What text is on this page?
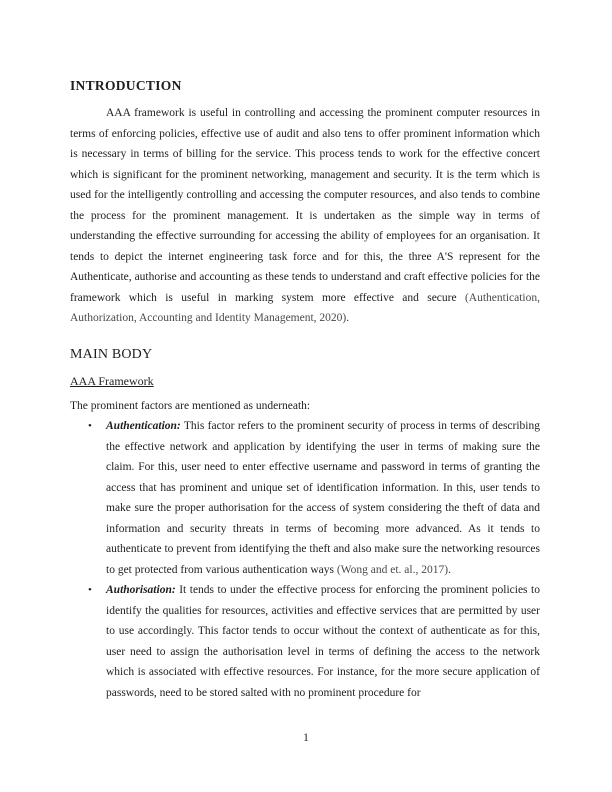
INTRODUCTION

AAA framework is useful in controlling and accessing the prominent computer resources in terms of enforcing policies, effective use of audit and also tens to offer prominent information which is necessary in terms of billing for the service. This process tends to work for the effective concert which is significant for the prominent networking, management and security. It is the term which is used for the intelligently controlling and accessing the computer resources, and also tends to combine the process for the prominent management. It is undertaken as the simple way in terms of understanding the effective surrounding for accessing the ability of employees for an organisation. It tends to depict the internet engineering task force and for this, the three A'S represent for the Authenticate, authorise and accounting as these tends to understand and craft effective policies for the framework which is useful in marking system more effective and secure (Authentication, Authorization, Accounting and Identity Management, 2020).

MAIN BODY
AAA Framework

The prominent factors are mentioned as underneath:

• Authentication: This factor refers to the prominent security of process in terms of describing the effective network and application by identifying the user in terms of making sure the claim. For this, user need to enter effective username and password in terms of granting the access that has prominent and unique set of identification information. In this, user tends to make sure the proper authorisation for the access of system considering the theft of data and information and security threats in terms of becoming more advanced. As it tends to authenticate to prevent from identifying the theft and also make sure the networking resources to get protected from various authentication ways (Wong and et. al., 2017).
• Authorisation: It tends to under the effective process for enforcing the prominent policies to identify the qualities for resources, activities and effective services that are permitted by user to use accordingly. This factor tends to occur without the context of authenticate as for this, user need to assign the authorisation level in terms of defining the access to the network which is associated with effective resources. For instance, for the more secure application of passwords, need to be stored salted with no prominent procedure for
1
